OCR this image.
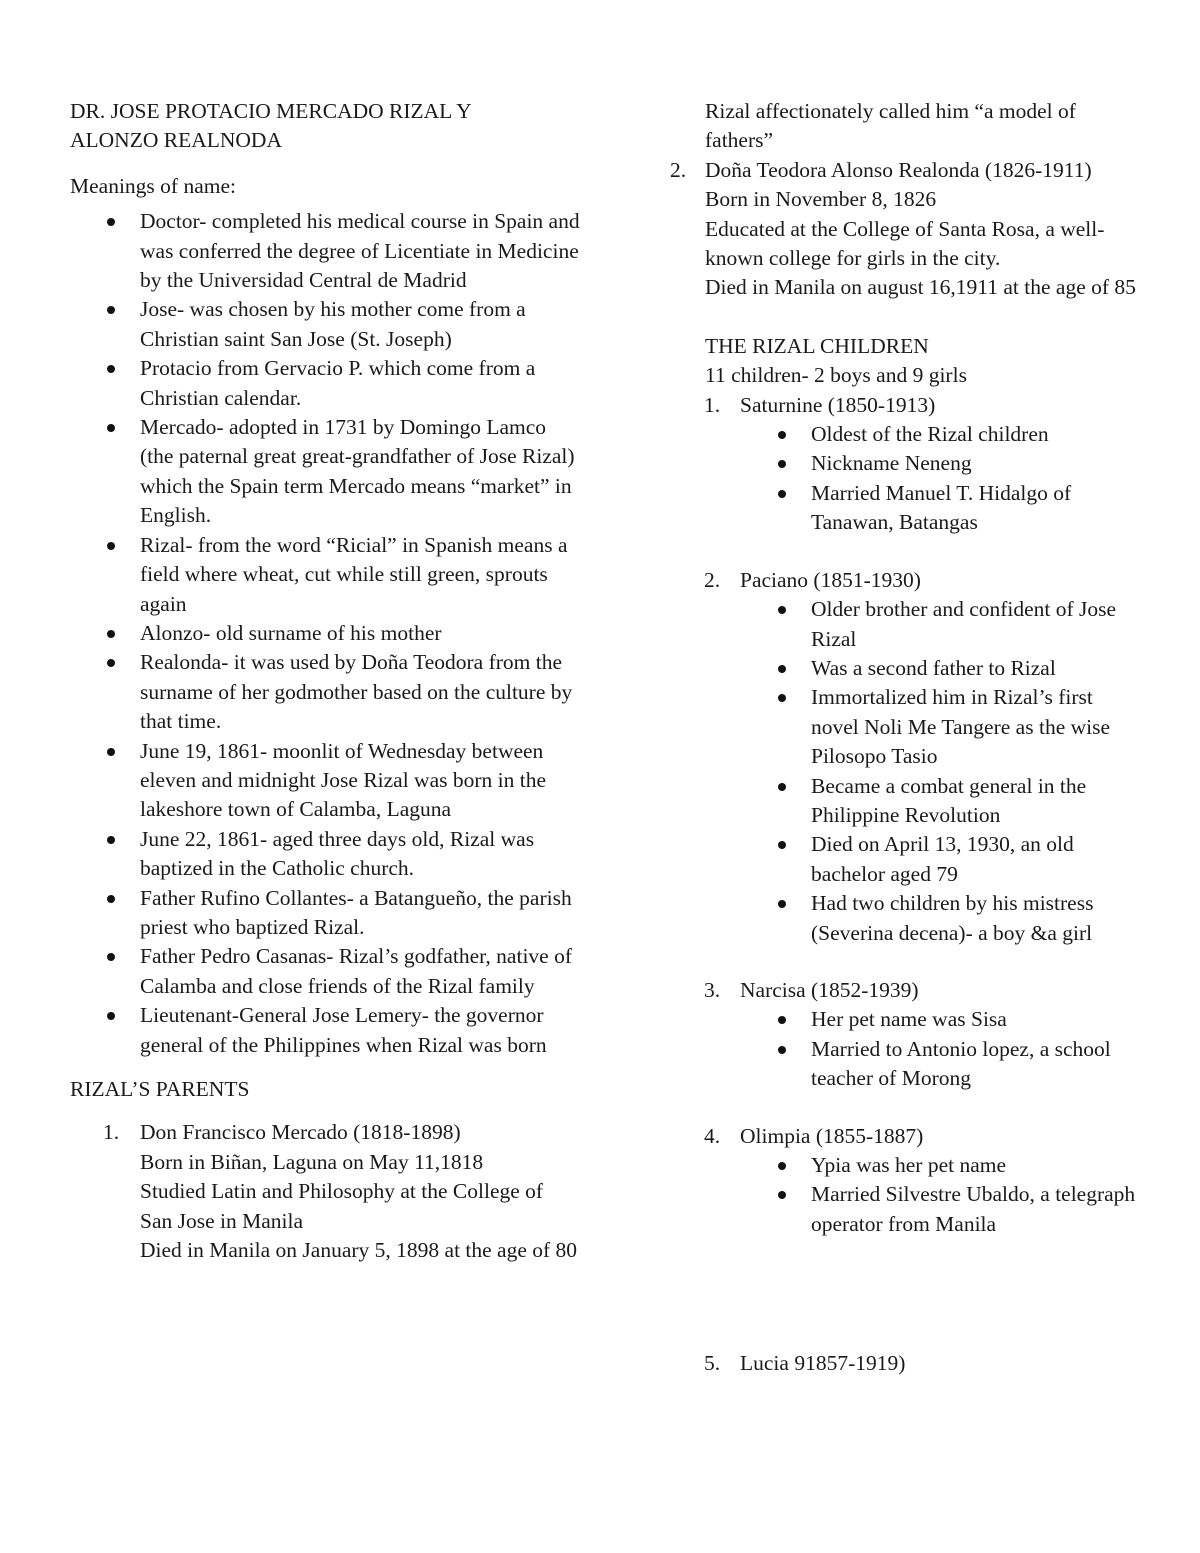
DR. JOSE PROTACIO MERCADO RIZAL Y
ALONZO REALNODA

Meanings of name:

Doctor- completed his medical course in Spain and was conferred the degree of Licentiate in Medicine by the Universidad Central de Madrid
Jose- was chosen by his mother come from a Christian saint San Jose (St. Joseph)
Protacio from Gervacio P. which come from a Christian calendar.
Mercado- adopted in 1731 by Domingo Lamco (the paternal great great-grandfather of Jose Rizal) which the Spain term Mercado means “market” in English.
Rizal- from the word “Ricial” in Spanish means a field where wheat, cut while still green, sprouts again
Alonzo- old surname of his mother
Realonda- it was used by Doña Teodora from the surname of her godmother based on the culture by that time.
June 19, 1861- moonlit of Wednesday between eleven and midnight Jose Rizal was born in the lakeshore town of Calamba, Laguna
June 22, 1861- aged three days old, Rizal was baptized in the Catholic church.
Father Rufino Collantes- a Batangueño, the parish priest who baptized Rizal.
Father Pedro Casanas- Rizal’s godfather, native of Calamba and close friends of the Rizal family
Lieutenant-General Jose Lemery- the governor general of the Philippines when Rizal was born

RIZAL’S PARENTS

1. Don Francisco Mercado (1818-1898)
Born in Biñan, Laguna on May 11,1818
Studied Latin and Philosophy at the College of San Jose in Manila
Died in Manila on January 5, 1898 at the age of 80

Rizal affectionately called him “a model of fathers”

2. Doña Teodora Alonso Realonda (1826-1911)
Born in November 8, 1826
Educated at the College of Santa Rosa, a well-known college for girls in the city.
Died in Manila on august 16,1911 at the age of 85

THE RIZAL CHILDREN

11 children- 2 boys and 9 girls

1. Saturnine (1850-1913)
Oldest of the Rizal children
Nickname Neneng
Married Manuel T. Hidalgo of Tanawan, Batangas
2. Paciano (1851-1930)
Older brother and confident of Jose Rizal
Was a second father to Rizal
Immortalized him in Rizal’s first novel Noli Me Tangere as the wise Pilosopo Tasio
Became a combat general in the Philippine Revolution
Died on April 13, 1930, an old bachelor aged 79
Had two children by his mistress (Severina decena)- a boy &a girl
3. Narcisa (1852-1939)
Her pet name was Sisa
Married to Antonio lopez, a school teacher of Morong
4. Olimpia (1855-1887)
Ypia was her pet name
Married Silvestre Ubaldo, a telegraph operator from Manila
5. Lucia 91857-1919)
